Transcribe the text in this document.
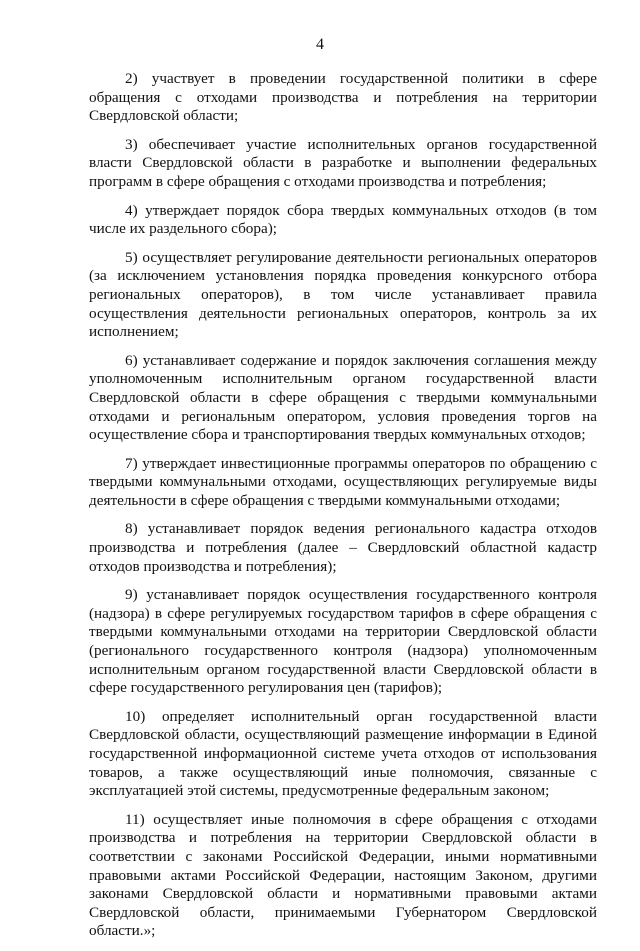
4

2) участвует в проведении государственной политики в сфере обращения с отходами производства и потребления на территории Свердловской области;

3) обеспечивает участие исполнительных органов государственной власти Свердловской области в разработке и выполнении федеральных программ в сфере обращения с отходами производства и потребления;

4) утверждает порядок сбора твердых коммунальных отходов (в том числе их раздельного сбора);

5) осуществляет регулирование деятельности региональных операторов (за исключением установления порядка проведения конкурсного отбора региональных операторов), в том числе устанавливает правила осуществления деятельности региональных операторов, контроль за их исполнением;

6) устанавливает содержание и порядок заключения соглашения между уполномоченным исполнительным органом государственной власти Свердловской области в сфере обращения с твердыми коммунальными отходами и региональным оператором, условия проведения торгов на осуществление сбора и транспортирования твердых коммунальных отходов;

7) утверждает инвестиционные программы операторов по обращению с твердыми коммунальными отходами, осуществляющих регулируемые виды деятельности в сфере обращения с твердыми коммунальными отходами;

8) устанавливает порядок ведения регионального кадастра отходов производства и потребления (далее – Свердловский областной кадастр отходов производства и потребления);

9) устанавливает порядок осуществления государственного контроля (надзора) в сфере регулируемых государством тарифов в сфере обращения с твердыми коммунальными отходами на территории Свердловской области (регионального государственного контроля (надзора) уполномоченным исполнительным органом государственной власти Свердловской области в сфере государственного регулирования цен (тарифов);

10) определяет исполнительный орган государственной власти Свердловской области, осуществляющий размещение информации в Единой государственной информационной системе учета отходов от использования товаров, а также осуществляющий иные полномочия, связанные с эксплуатацией этой системы, предусмотренные федеральным законом;

11) осуществляет иные полномочия в сфере обращения с отходами производства и потребления на территории Свердловской области в соответствии с законами Российской Федерации, иными нормативными правовыми актами Российской Федерации, настоящим Законом, другими законами Свердловской области и нормативными правовыми актами Свердловской области, принимаемыми Губернатором Свердловской области.»;
